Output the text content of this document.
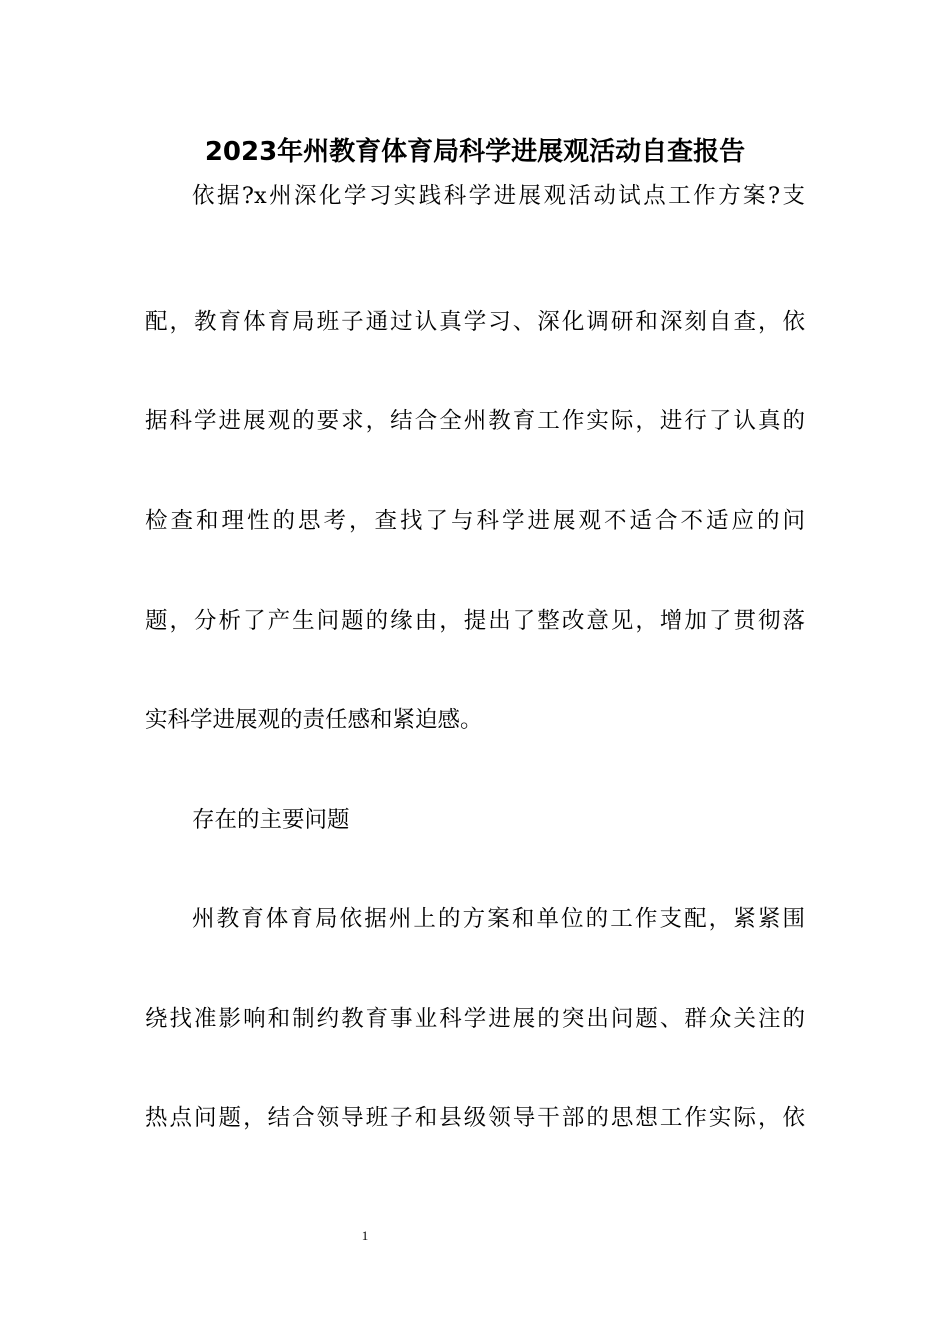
2023年州教育体育局科学进展观活动自查报告
依据?x州深化学习实践科学进展观活动试点工作方案?支
配，教育体育局班子通过认真学习、深化调研和深刻自查，依
据科学进展观的要求，结合全州教育工作实际，进行了认真的
检查和理性的思考，查找了与科学进展观不适合不适应的问
题，分析了产生问题的缘由，提出了整改意见，增加了贯彻落
实科学进展观的责任感和紧迫感。
存在的主要问题
州教育体育局依据州上的方案和单位的工作支配，紧紧围
绕找准影响和制约教育事业科学进展的突出问题、群众关注的
热点问题，结合领导班子和县级领导干部的思想工作实际，依
1
